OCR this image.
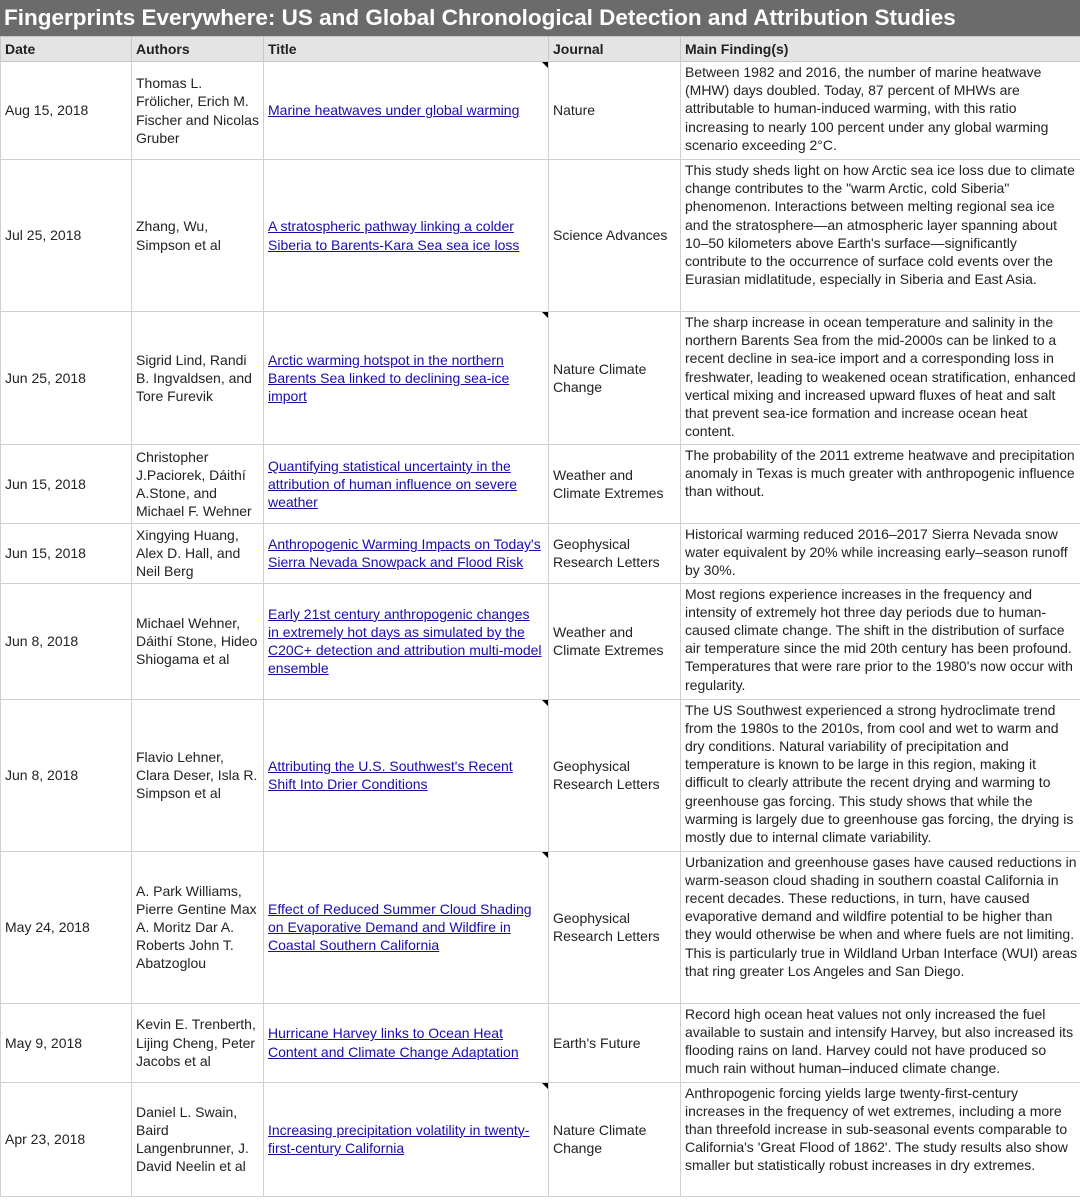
Fingerprints Everywhere: US and Global Chronological Detection and Attribution Studies
Date	Authors	Title	Journal	Main Finding(s)
Aug 15, 2018	Thomas L. Frölicher, Erich M. Fischer and Nicolas Gruber	Marine heatwaves under global warming	Nature	Between 1982 and 2016, the number of marine heatwave (MHW) days doubled. Today, 87 percent of MHWs are attributable to human-induced warming, with this ratio increasing to nearly 100 percent under any global warming scenario exceeding 2°C.
Jul 25, 2018	Zhang, Wu, Simpson et al	A stratospheric pathway linking a colder Siberia to Barents-Kara Sea sea ice loss	Science Advances	This study sheds light on how Arctic sea ice loss due to climate change contributes to the "warm Arctic, cold Siberia" phenomenon. Interactions between melting regional sea ice and the stratosphere—an atmospheric layer spanning about 10–50 kilometers above Earth's surface—significantly contribute to the occurrence of surface cold events over the Eurasian midlatitude, especially in Siberia and East Asia.
Jun 25, 2018	Sigrid Lind, Randi B. Ingvaldsen, and Tore Furevik	Arctic warming hotspot in the northern Barents Sea linked to declining sea-ice import	Nature Climate Change	The sharp increase in ocean temperature and salinity in the northern Barents Sea from the mid-2000s can be linked to a recent decline in sea-ice import and a corresponding loss in freshwater, leading to weakened ocean stratification, enhanced vertical mixing and increased upward fluxes of heat and salt that prevent sea-ice formation and increase ocean heat content.
Jun 15, 2018	Christopher J.Paciorek, Dáithí A.Stone, and Michael F. Wehner	Quantifying statistical uncertainty in the attribution of human influence on severe weather	Weather and Climate Extremes	The probability of the 2011 extreme heatwave and precipitation anomaly in Texas is much greater with anthropogenic influence than without.
Jun 15, 2018	Xingying Huang, Alex D. Hall, and Neil Berg	Anthropogenic Warming Impacts on Today's Sierra Nevada Snowpack and Flood Risk	Geophysical Research Letters	Historical warming reduced 2016–2017 Sierra Nevada snow water equivalent by 20% while increasing early–season runoff by 30%.
Jun 8, 2018	Michael Wehner, Dáithí Stone, Hideo Shiogama et al	Early 21st century anthropogenic changes in extremely hot days as simulated by the C20C+ detection and attribution multi-model ensemble	Weather and Climate Extremes	Most regions experience increases in the frequency and intensity of extremely hot three day periods due to human-caused climate change. The shift in the distribution of surface air temperature since the mid 20th century has been profound. Temperatures that were rare prior to the 1980's now occur with regularity.
Jun 8, 2018	Flavio Lehner, Clara Deser, Isla R. Simpson et al	Attributing the U.S. Southwest's Recent Shift Into Drier Conditions	Geophysical Research Letters	The US Southwest experienced a strong hydroclimate trend from the 1980s to the 2010s, from cool and wet to warm and dry conditions. Natural variability of precipitation and temperature is known to be large in this region, making it difficult to clearly attribute the recent drying and warming to greenhouse gas forcing. This study shows that while the warming is largely due to greenhouse gas forcing, the drying is mostly due to internal climate variability.
May 24, 2018	A. Park Williams, Pierre Gentine Max A. Moritz Dar A. Roberts John T. Abatzoglou	Effect of Reduced Summer Cloud Shading on Evaporative Demand and Wildfire in Coastal Southern California	Geophysical Research Letters	Urbanization and greenhouse gases have caused reductions in warm-season cloud shading in southern coastal California in recent decades. These reductions, in turn, have caused evaporative demand and wildfire potential to be higher than they would otherwise be when and where fuels are not limiting. This is particularly true in Wildland Urban Interface (WUI) areas that ring greater Los Angeles and San Diego.
May 9, 2018	Kevin E. Trenberth, Lijing Cheng, Peter Jacobs et al	Hurricane Harvey links to Ocean Heat Content and Climate Change Adaptation	Earth's Future	Record high ocean heat values not only increased the fuel available to sustain and intensify Harvey, but also increased its flooding rains on land. Harvey could not have produced so much rain without human–induced climate change.
Apr 23, 2018	Daniel L. Swain, Baird Langenbrunner, J. David Neelin et al	Increasing precipitation volatility in twenty-first-century California	Nature Climate Change	Anthropogenic forcing yields large twenty-first-century increases in the frequency of wet extremes, including a more than threefold increase in sub-seasonal events comparable to California's 'Great Flood of 1862'. The study results also show smaller but statistically robust increases in dry extremes.
